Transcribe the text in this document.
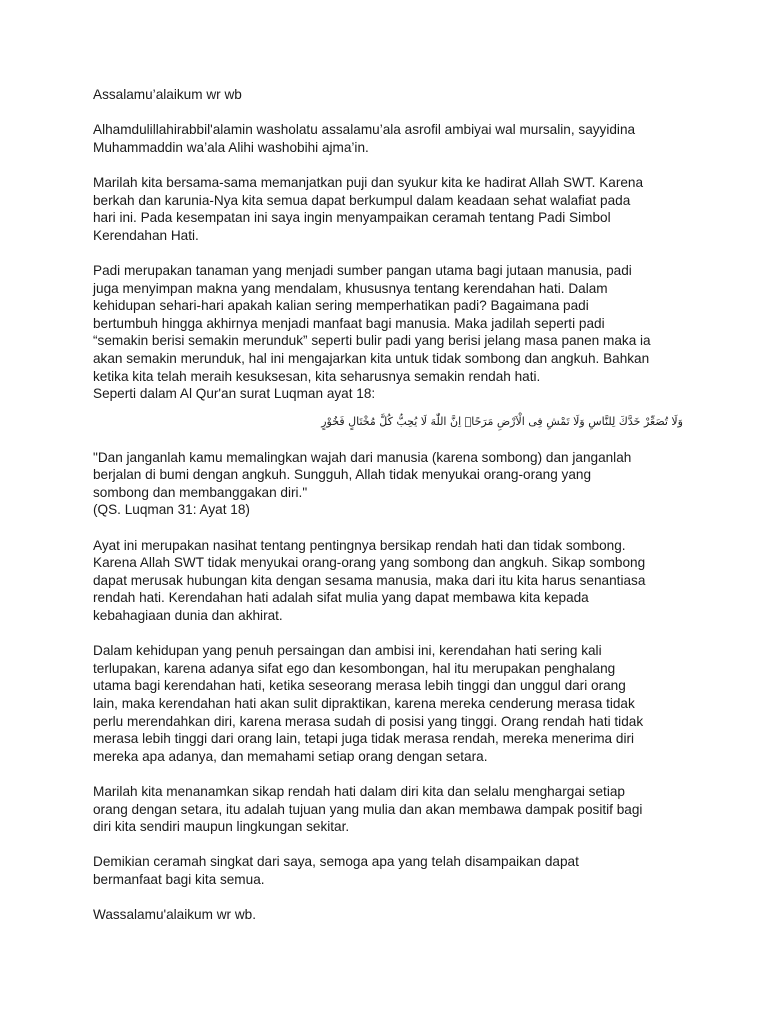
Assalamu’alaikum wr wb

Alhamdulillahirabbil'alamin washolatu assalamu’ala asrofil ambiyai wal mursalin, sayyidina
Muhammaddin wa’ala Alihi washobihi ajma’in.

Marilah kita bersama-sama memanjatkan puji dan syukur kita ke hadirat Allah SWT. Karena
berkah dan karunia-Nya kita semua dapat berkumpul dalam keadaan sehat walafiat pada
hari ini. Pada kesempatan ini saya ingin menyampaikan ceramah tentang Padi Simbol
Kerendahan Hati.

Padi merupakan tanaman yang menjadi sumber pangan utama bagi jutaan manusia, padi
juga menyimpan makna yang mendalam, khususnya tentang kerendahan hati. Dalam
kehidupan sehari-hari apakah kalian sering memperhatikan padi? Bagaimana padi
bertumbuh hingga akhirnya menjadi manfaat bagi manusia. Maka jadilah seperti padi
“semakin berisi semakin merunduk” seperti bulir padi yang berisi jelang masa panen maka ia
akan semakin merunduk, hal ini mengajarkan kita untuk tidak sombong dan angkuh. Bahkan
ketika kita telah meraih kesuksesan, kita seharusnya semakin rendah hati.
Seperti dalam Al Qur'an surat Luqman ayat 18:

وَلَا تُصَعِّرْ خَدَّكَ لِلنَّاسِ وَلَا تَمْشِ فِى الْاَرْضِ مَرَحًاۗ اِنَّ اللّٰهَ لَا يُحِبُّ كُلَّ مُخْتَالٍ فَخُوْرٍ

"Dan janganlah kamu memalingkan wajah dari manusia (karena sombong) dan janganlah
berjalan di bumi dengan angkuh. Sungguh, Allah tidak menyukai orang-orang yang
sombong dan membanggakan diri."
(QS. Luqman 31: Ayat 18)

Ayat ini merupakan nasihat tentang pentingnya bersikap rendah hati dan tidak sombong.
Karena Allah SWT tidak menyukai orang-orang yang sombong dan angkuh. Sikap sombong
dapat merusak hubungan kita dengan sesama manusia, maka dari itu kita harus senantiasa
rendah hati. Kerendahan hati adalah sifat mulia yang dapat membawa kita kepada
kebahagiaan dunia dan akhirat.

Dalam kehidupan yang penuh persaingan dan ambisi ini, kerendahan hati sering kali
terlupakan, karena adanya sifat ego dan kesombongan, hal itu merupakan penghalang
utama bagi kerendahan hati, ketika seseorang merasa lebih tinggi dan unggul dari orang
lain, maka kerendahan hati akan sulit dipraktikan, karena mereka cenderung merasa tidak
perlu merendahkan diri, karena merasa sudah di posisi yang tinggi. Orang rendah hati tidak
merasa lebih tinggi dari orang lain, tetapi juga tidak merasa rendah, mereka menerima diri
mereka apa adanya, dan memahami setiap orang dengan setara.

Marilah kita menanamkan sikap rendah hati dalam diri kita dan selalu menghargai setiap
orang dengan setara, itu adalah tujuan yang mulia dan akan membawa dampak positif bagi
diri kita sendiri maupun lingkungan sekitar.

Demikian ceramah singkat dari saya, semoga apa yang telah disampaikan dapat
bermanfaat bagi kita semua.

Wassalamu'alaikum wr wb.
